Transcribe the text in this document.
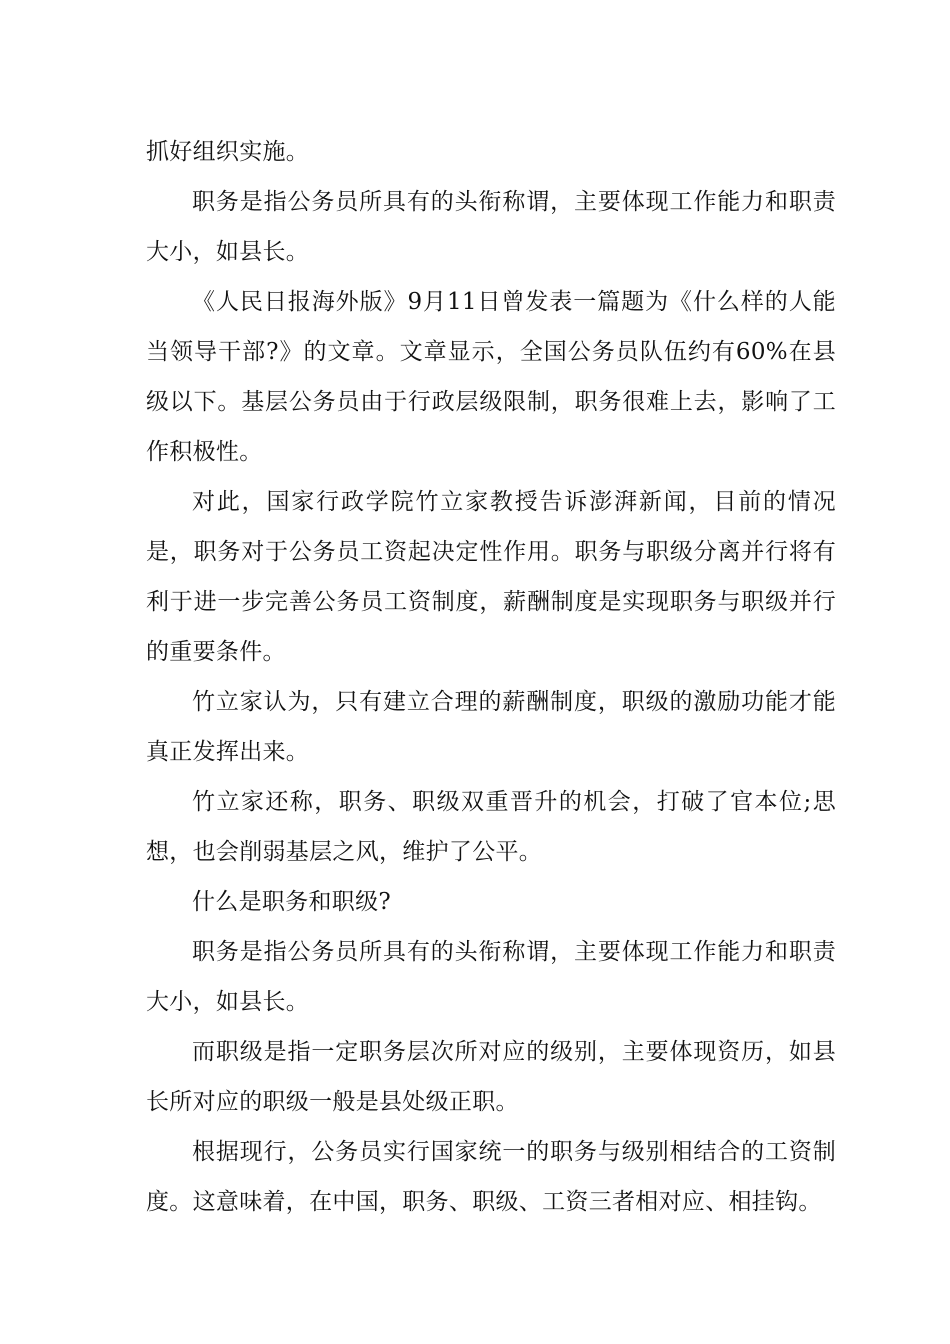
抓好组织实施。

职务是指公务员所具有的头衔称谓，主要体现工作能力和职责大小，如县长。

《人民日报海外版》9月11日曾发表一篇题为《什么样的人能当领导干部?》的文章。文章显示，全国公务员队伍约有60%在县级以下。基层公务员由于行政层级限制，职务很难上去，影响了工作积极性。

对此，国家行政学院竹立家教授告诉澎湃新闻，目前的情况是，职务对于公务员工资起决定性作用。职务与职级分离并行将有利于进一步完善公务员工资制度，薪酬制度是实现职务与职级并行的重要条件。

竹立家认为，只有建立合理的薪酬制度，职级的激励功能才能真正发挥出来。

竹立家还称，职务、职级双重晋升的机会，打破了官本位;思想，也会削弱基层之风，维护了公平。

什么是职务和职级?

职务是指公务员所具有的头衔称谓，主要体现工作能力和职责大小，如县长。

而职级是指一定职务层次所对应的级别，主要体现资历，如县长所对应的职级一般是县处级正职。

根据现行，公务员实行国家统一的职务与级别相结合的工资制度。这意味着，在中国，职务、职级、工资三者相对应、相挂钩。
